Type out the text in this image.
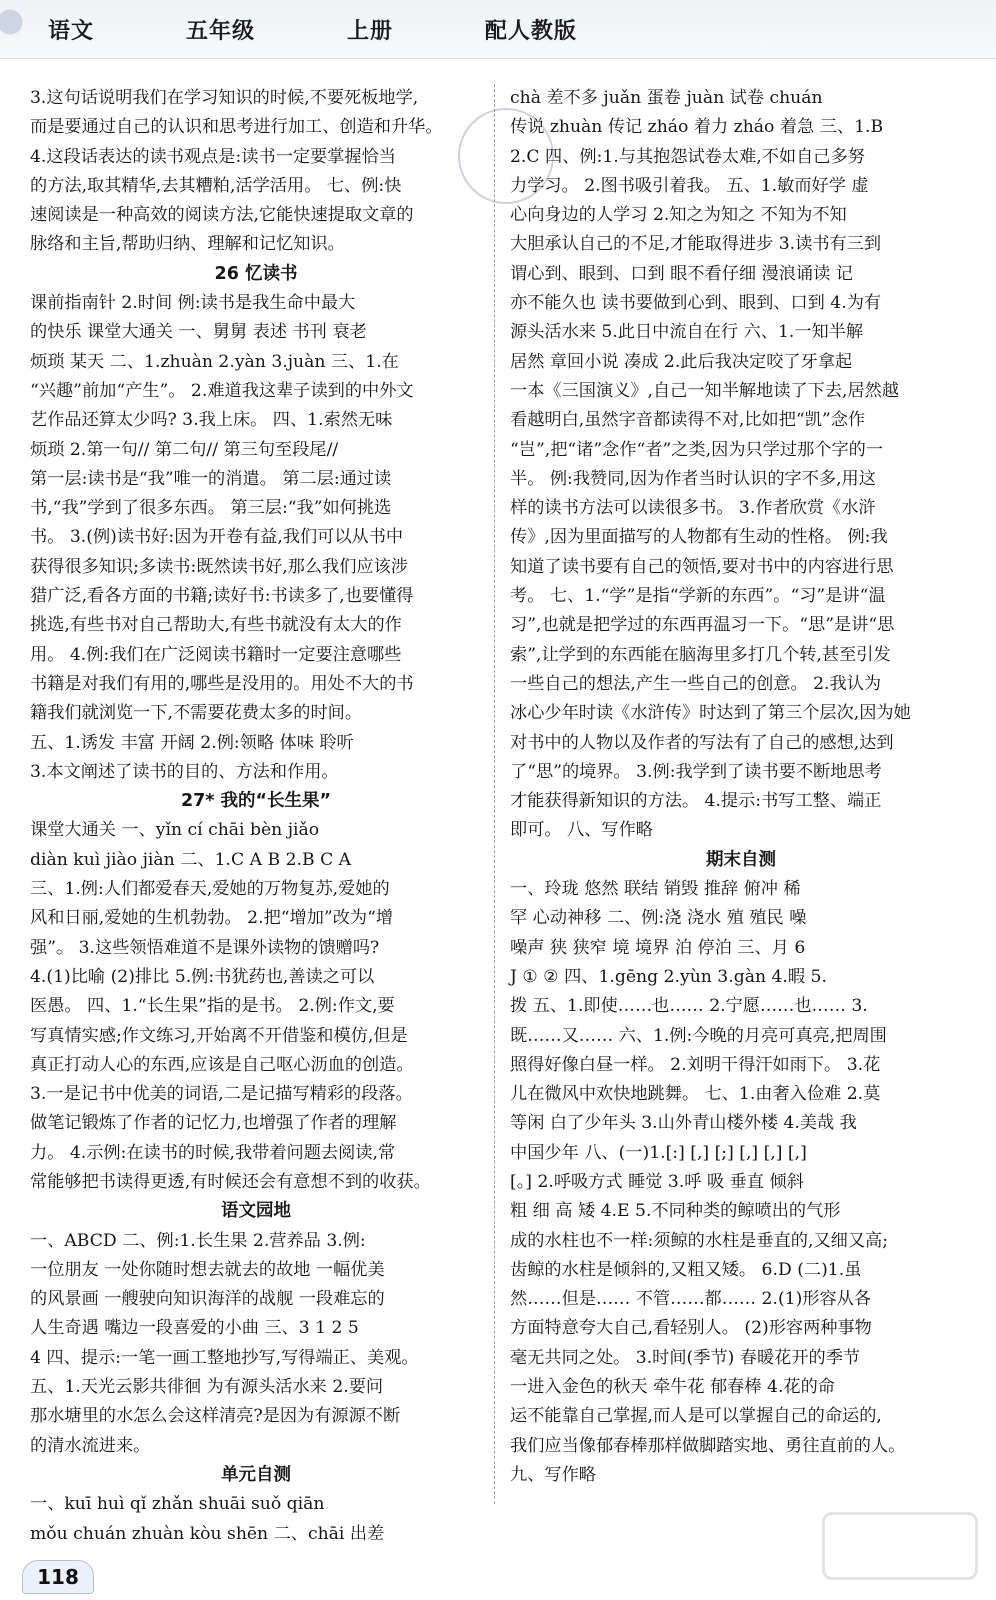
语文   五年级   上册   配人教版
3.这句话说明我们在学习知识的时候,不要死板地学,
而是要通过自己的认识和思考进行加工、创造和升华。
4.这段话表达的读书观点是:读书一定要掌握恰当
的方法,取其精华,去其糟粕,活学活用。 七、例:快
速阅读是一种高效的阅读方法,它能快速提取文章的
脉络和主旨,帮助归纳、理解和记忆知识。
26 忆读书
课前指南针 2.时间 例:读书是我生命中最大
的快乐 课堂大通关 一、舅舅 表述 书刊 衰老
烦琐 某天 二、1.zhuàn 2.yàn 3.juàn 三、1.在
“兴趣”前加“产生”。 2.难道我这辈子读到的中外文
艺作品还算太少吗? 3.我上床。 四、1.索然无味
烦琐 2.第一句// 第二句// 第三句至段尾//
第一层:读书是“我”唯一的消遣。 第二层:通过读
书,“我”学到了很多东西。 第三层:“我”如何挑选
书。 3.(例)读书好:因为开卷有益,我们可以从书中
获得很多知识;多读书:既然读书好,那么我们应该涉
猎广泛,看各方面的书籍;读好书:书读多了,也要懂得
挑选,有些书对自己帮助大,有些书就没有太大的作
用。 4.例:我们在广泛阅读书籍时一定要注意哪些
书籍是对我们有用的,哪些是没用的。用处不大的书
籍我们就浏览一下,不需要花费太多的时间。
五、1.诱发 丰富 开阔 2.例:领略 体味 聆听
3.本文阐述了读书的目的、方法和作用。
27* 我的“长生果”
课堂大通关 一、yǐn cí chāi bèn jiǎo
diàn kuì jiào jiàn 二、1.C A B 2.B C A
三、1.例:人们都爱春天,爱她的万物复苏,爱她的
风和日丽,爱她的生机勃勃。 2.把“增加”改为“增
强”。 3.这些领悟难道不是课外读物的馈赠吗?
4.(1)比喻 (2)排比 5.例:书犹药也,善读之可以
医愚。 四、1.“长生果”指的是书。 2.例:作文,要
写真情实感;作文练习,开始离不开借鉴和模仿,但是
真正打动人心的东西,应该是自己呕心沥血的创造。
3.一是记书中优美的词语,二是记描写精彩的段落。
做笔记锻炼了作者的记忆力,也增强了作者的理解
力。 4.示例:在读书的时候,我带着问题去阅读,常
常能够把书读得更透,有时候还会有意想不到的收获。
语文园地
一、ABCD 二、例:1.长生果 2.营养品 3.例:
一位朋友 一处你随时想去就去的故地 一幅优美
的风景画 一艘驶向知识海洋的战舰 一段难忘的
人生奇遇 嘴边一段喜爱的小曲 三、3 1 2 5
4 四、提示:一笔一画工整地抄写,写得端正、美观。
五、1.天光云影共徘徊 为有源头活水来 2.要问
那水塘里的水怎么会这样清亮?是因为有源源不断
的清水流进来。
单元自测
一、kuī huì qǐ zhǎn shuāi suǒ qiān
mǒu chuán zhuàn kòu shēn 二、chāi 出差
chà 差不多 juǎn 蛋卷 juàn 试卷 chuán
传说 zhuàn 传记 zháo 着力 zháo 着急 三、1.B
2.C 四、例:1.与其抱怨试卷太难,不如自己多努
力学习。 2.图书吸引着我。 五、1.敏而好学 虚
心向身边的人学习 2.知之为知之 不知为不知
大胆承认自己的不足,才能取得进步 3.读书有三到
谓心到、眼到、口到 眼不看仔细 漫浪诵读 记
亦不能久也 读书要做到心到、眼到、口到 4.为有
源头活水来 5.此日中流自在行 六、1.一知半解
居然 章回小说 凑成 2.此后我决定咬了牙拿起
一本《三国演义》,自己一知半解地读了下去,居然越
看越明白,虽然字音都读得不对,比如把“凯”念作
“岂”,把“诸”念作“者”之类,因为只学过那个字的一
半。 例:我赞同,因为作者当时认识的字不多,用这
样的读书方法可以读很多书。 3.作者欣赏《水浒
传》,因为里面描写的人物都有生动的性格。 例:我
知道了读书要有自己的领悟,要对书中的内容进行思
考。 七、1.“学”是指“学新的东西”。“习”是讲“温
习”,也就是把学过的东西再温习一下。“思”是讲“思
索”,让学到的东西能在脑海里多打几个转,甚至引发
一些自己的想法,产生一些自己的创意。 2.我认为
冰心少年时读《水浒传》时达到了第三个层次,因为她
对书中的人物以及作者的写法有了自己的感想,达到
了“思”的境界。 3.例:我学到了读书要不断地思考
才能获得新知识的方法。 4.提示:书写工整、端正
即可。 八、写作略
期末自测
一、玲珑 悠然 联结 销毁 推辞 俯冲 稀
罕 心动神移 二、例:浇 浇水 殖 殖民 噪
噪声 狭 狭窄 境 境界 泊 停泊 三、月 6
J ① ② 四、1.gēng 2.yùn 3.gàn 4.暇 5.
拨 五、1.即使……也…… 2.宁愿……也…… 3.
既……又…… 六、1.例:今晚的月亮可真亮,把周围
照得好像白昼一样。 2.刘明干得汗如雨下。 3.花
儿在微风中欢快地跳舞。 七、1.由奢入俭难 2.莫
等闲 白了少年头 3.山外青山楼外楼 4.美哉 我
中国少年 八、(一)1.[:] [,] [;] [,] [,] [,]
[。] 2.呼吸方式 睡觉 3.呼 吸 垂直 倾斜
粗 细 高 矮 4.E 5.不同种类的鲸喷出的气形
成的水柱也不一样:须鲸的水柱是垂直的,又细又高;
齿鲸的水柱是倾斜的,又粗又矮。 6.D (二)1.虽
然……但是…… 不管……都…… 2.(1)形容从各
方面特意夸大自己,看轻别人。 (2)形容两种事物
毫无共同之处。 3.时间(季节) 春暖花开的季节
一进入金色的秋天 牵牛花 郁春棒 4.花的命
运不能靠自己掌握,而人是可以掌握自己的命运的,
我们应当像郁春棒那样做脚踏实地、勇往直前的人。
九、写作略
118
